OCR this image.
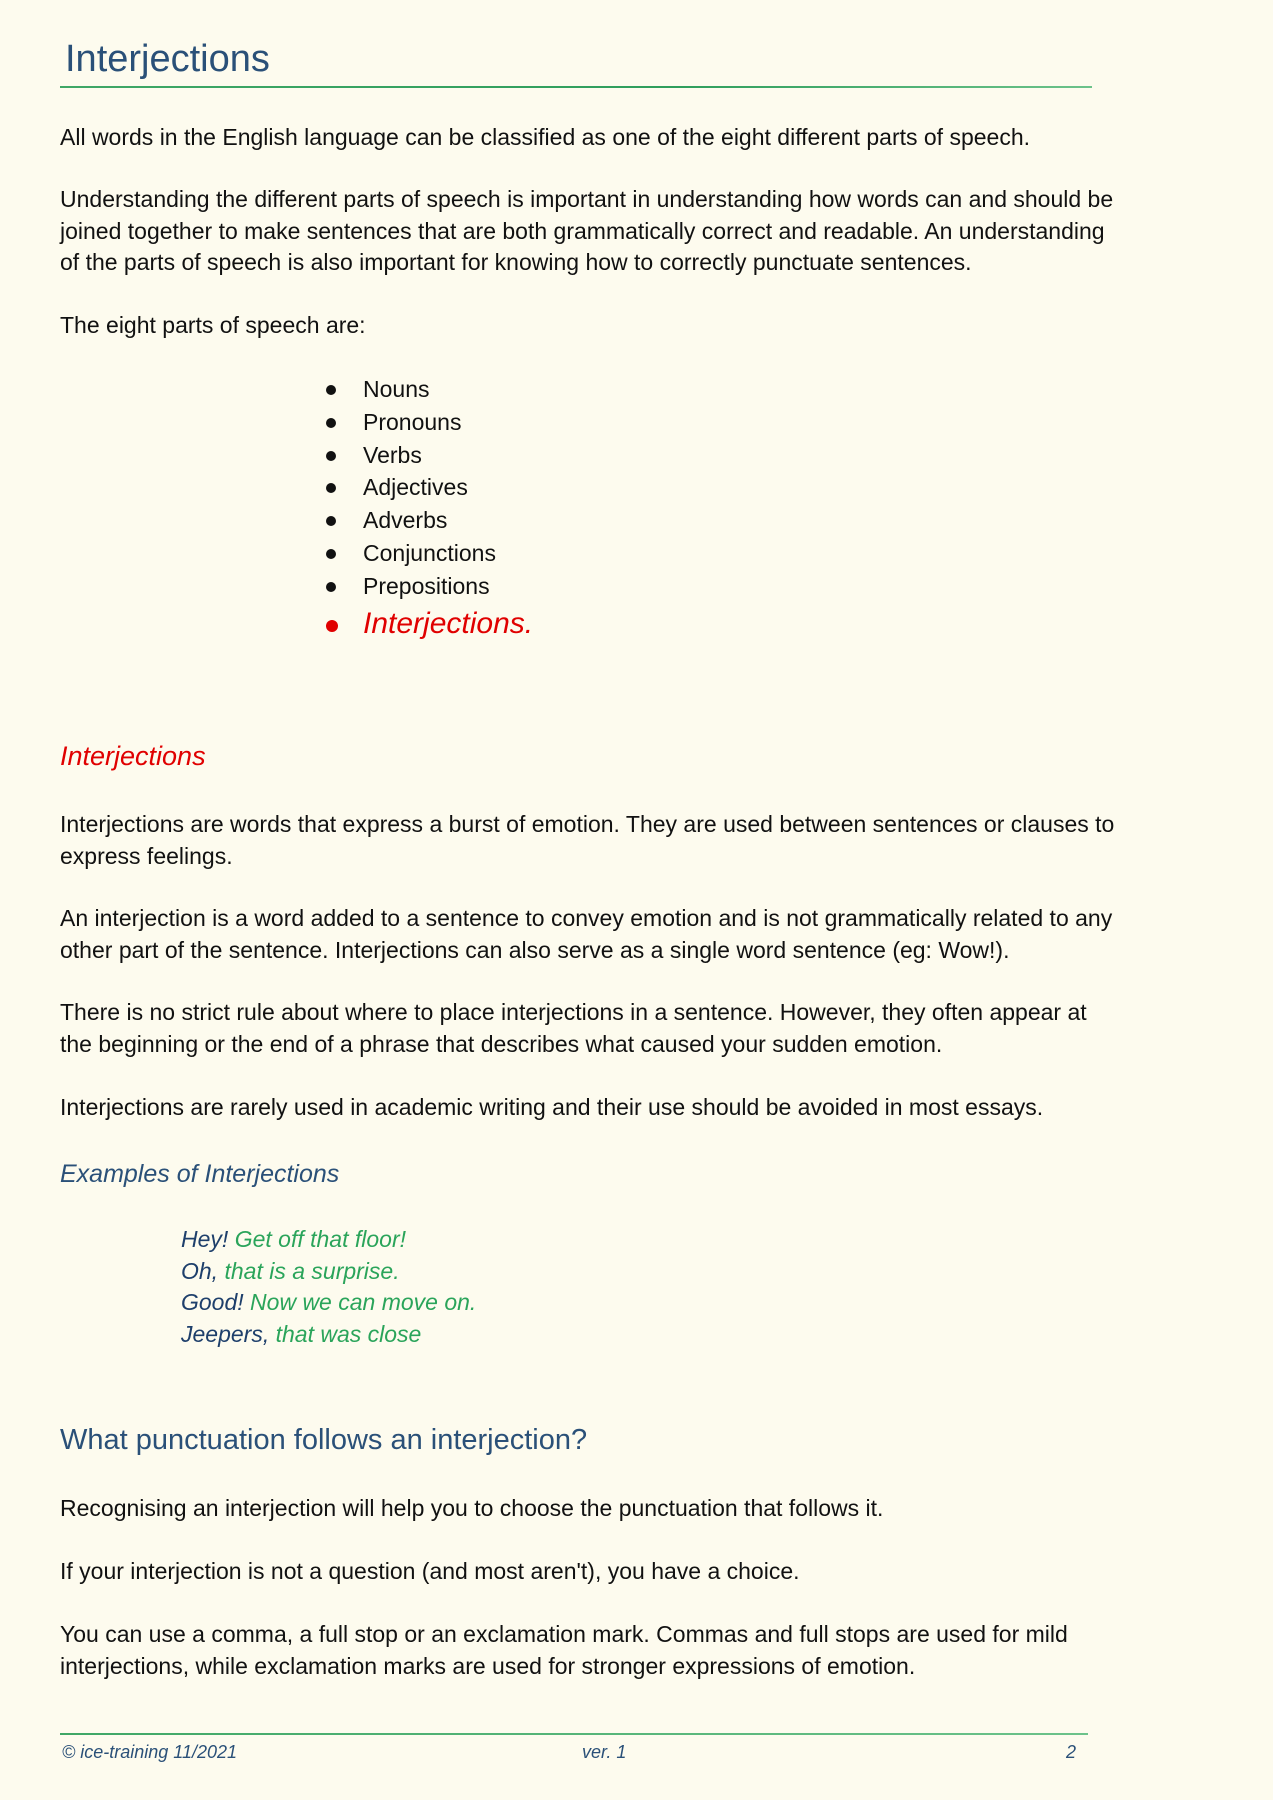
Interjections

All words in the English language can be classified as one of the eight different parts of speech.

Understanding the different parts of speech is important in understanding how words can and should be
joined together to make sentences that are both grammatically correct and readable. An understanding
of the parts of speech is also important for knowing how to correctly punctuate sentences.

The eight parts of speech are:

Nouns
Pronouns
Verbs
Adjectives
Adverbs
Conjunctions
Prepositions
Interjections.
Interjections

Interjections are words that express a burst of emotion. They are used between sentences or clauses to
express feelings.

An interjection is a word added to a sentence to convey emotion and is not grammatically related to any
other part of the sentence. Interjections can also serve as a single word sentence (eg: Wow!).

There is no strict rule about where to place interjections in a sentence. However, they often appear at
the beginning or the end of a phrase that describes what caused your sudden emotion.

Interjections are rarely used in academic writing and their use should be avoided in most essays.

Examples of Interjections
Hey! Get off that floor!
Oh, that is a surprise.
Good! Now we can move on.
Jeepers, that was close
What punctuation follows an interjection?

Recognising an interjection will help you to choose the punctuation that follows it.

If your interjection is not a question (and most aren't), you have a choice.

You can use a comma, a full stop or an exclamation mark. Commas and full stops are used for mild
interjections, while exclamation marks are used for stronger expressions of emotion.

© ice-training 11/2021	ver. 1	2
